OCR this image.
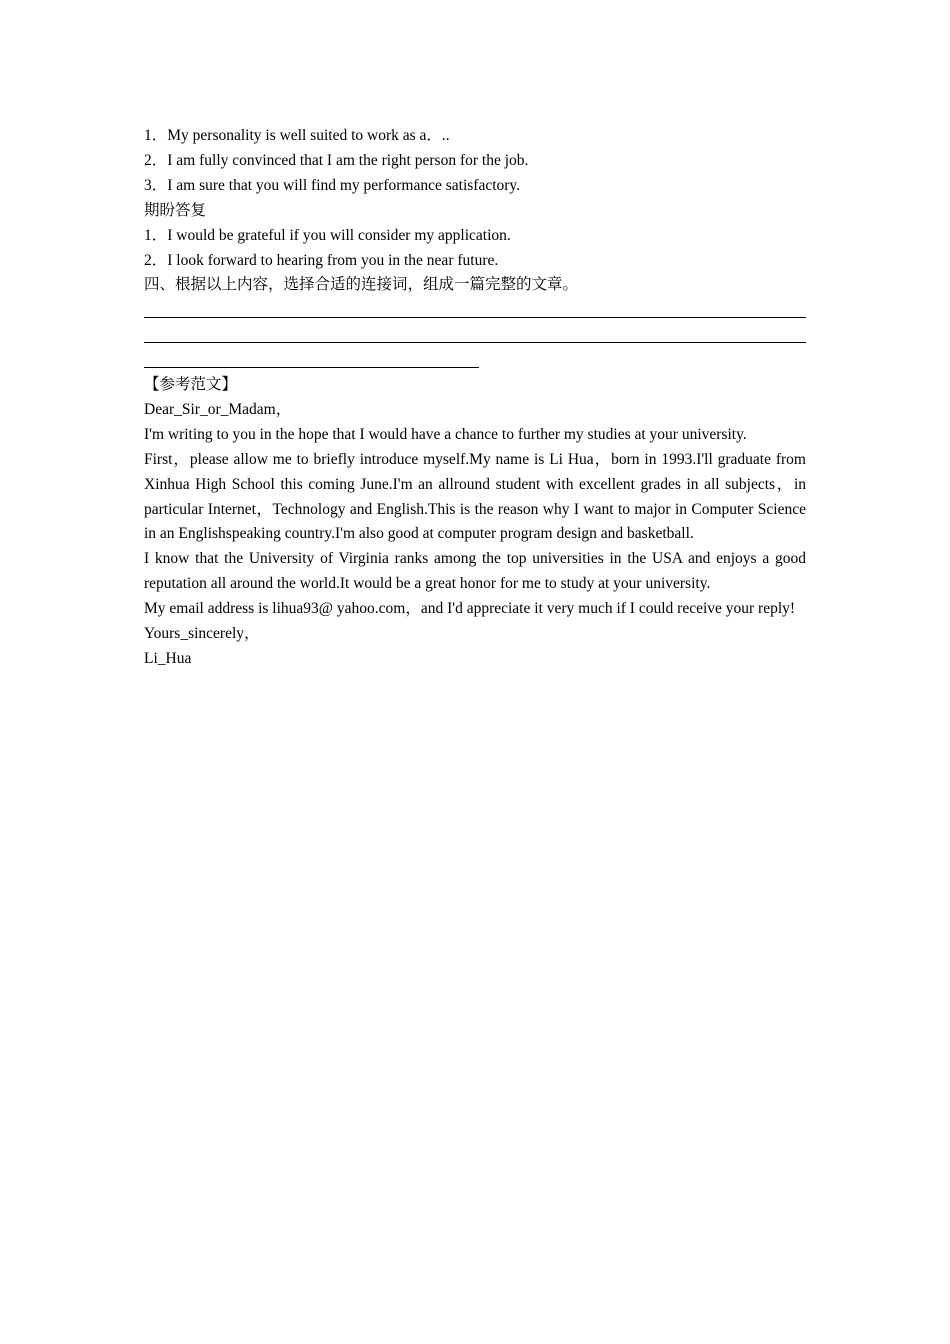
1．My personality is well suited to work as a．..

2．I am fully convinced that I am the right person for the job.

3．I am sure that you will find my performance satisfactory.

期盼答复

1．I would be grateful if you will consider my application.

2．I look forward to hearing from you in the near future.

四、根据以上内容，选择合适的连接词，组成一篇完整的文章。

【参考范文】

Dear_Sir_or_Madam，

I'm writing to you in the hope that I would have a chance to further my studies at your university.

First，please allow me to briefly introduce myself.My name is Li Hua，born in 1993.I'll graduate from Xinhua High School this coming June.I'm an allround student with excellent grades in all subjects，in particular Internet，Technology and English.This is the reason why I want to major in Computer Science in an Englishspeaking country.I'm also good at computer program design and basketball.

I know that the University of Virginia ranks among the top universities in the USA and enjoys a good reputation all around the world.It would be a great honor for me to study at your university.

My email address is lihua93@ yahoo.com，and I'd appreciate it very much if I could receive your reply!

Yours_sincerely，

Li_Hua
